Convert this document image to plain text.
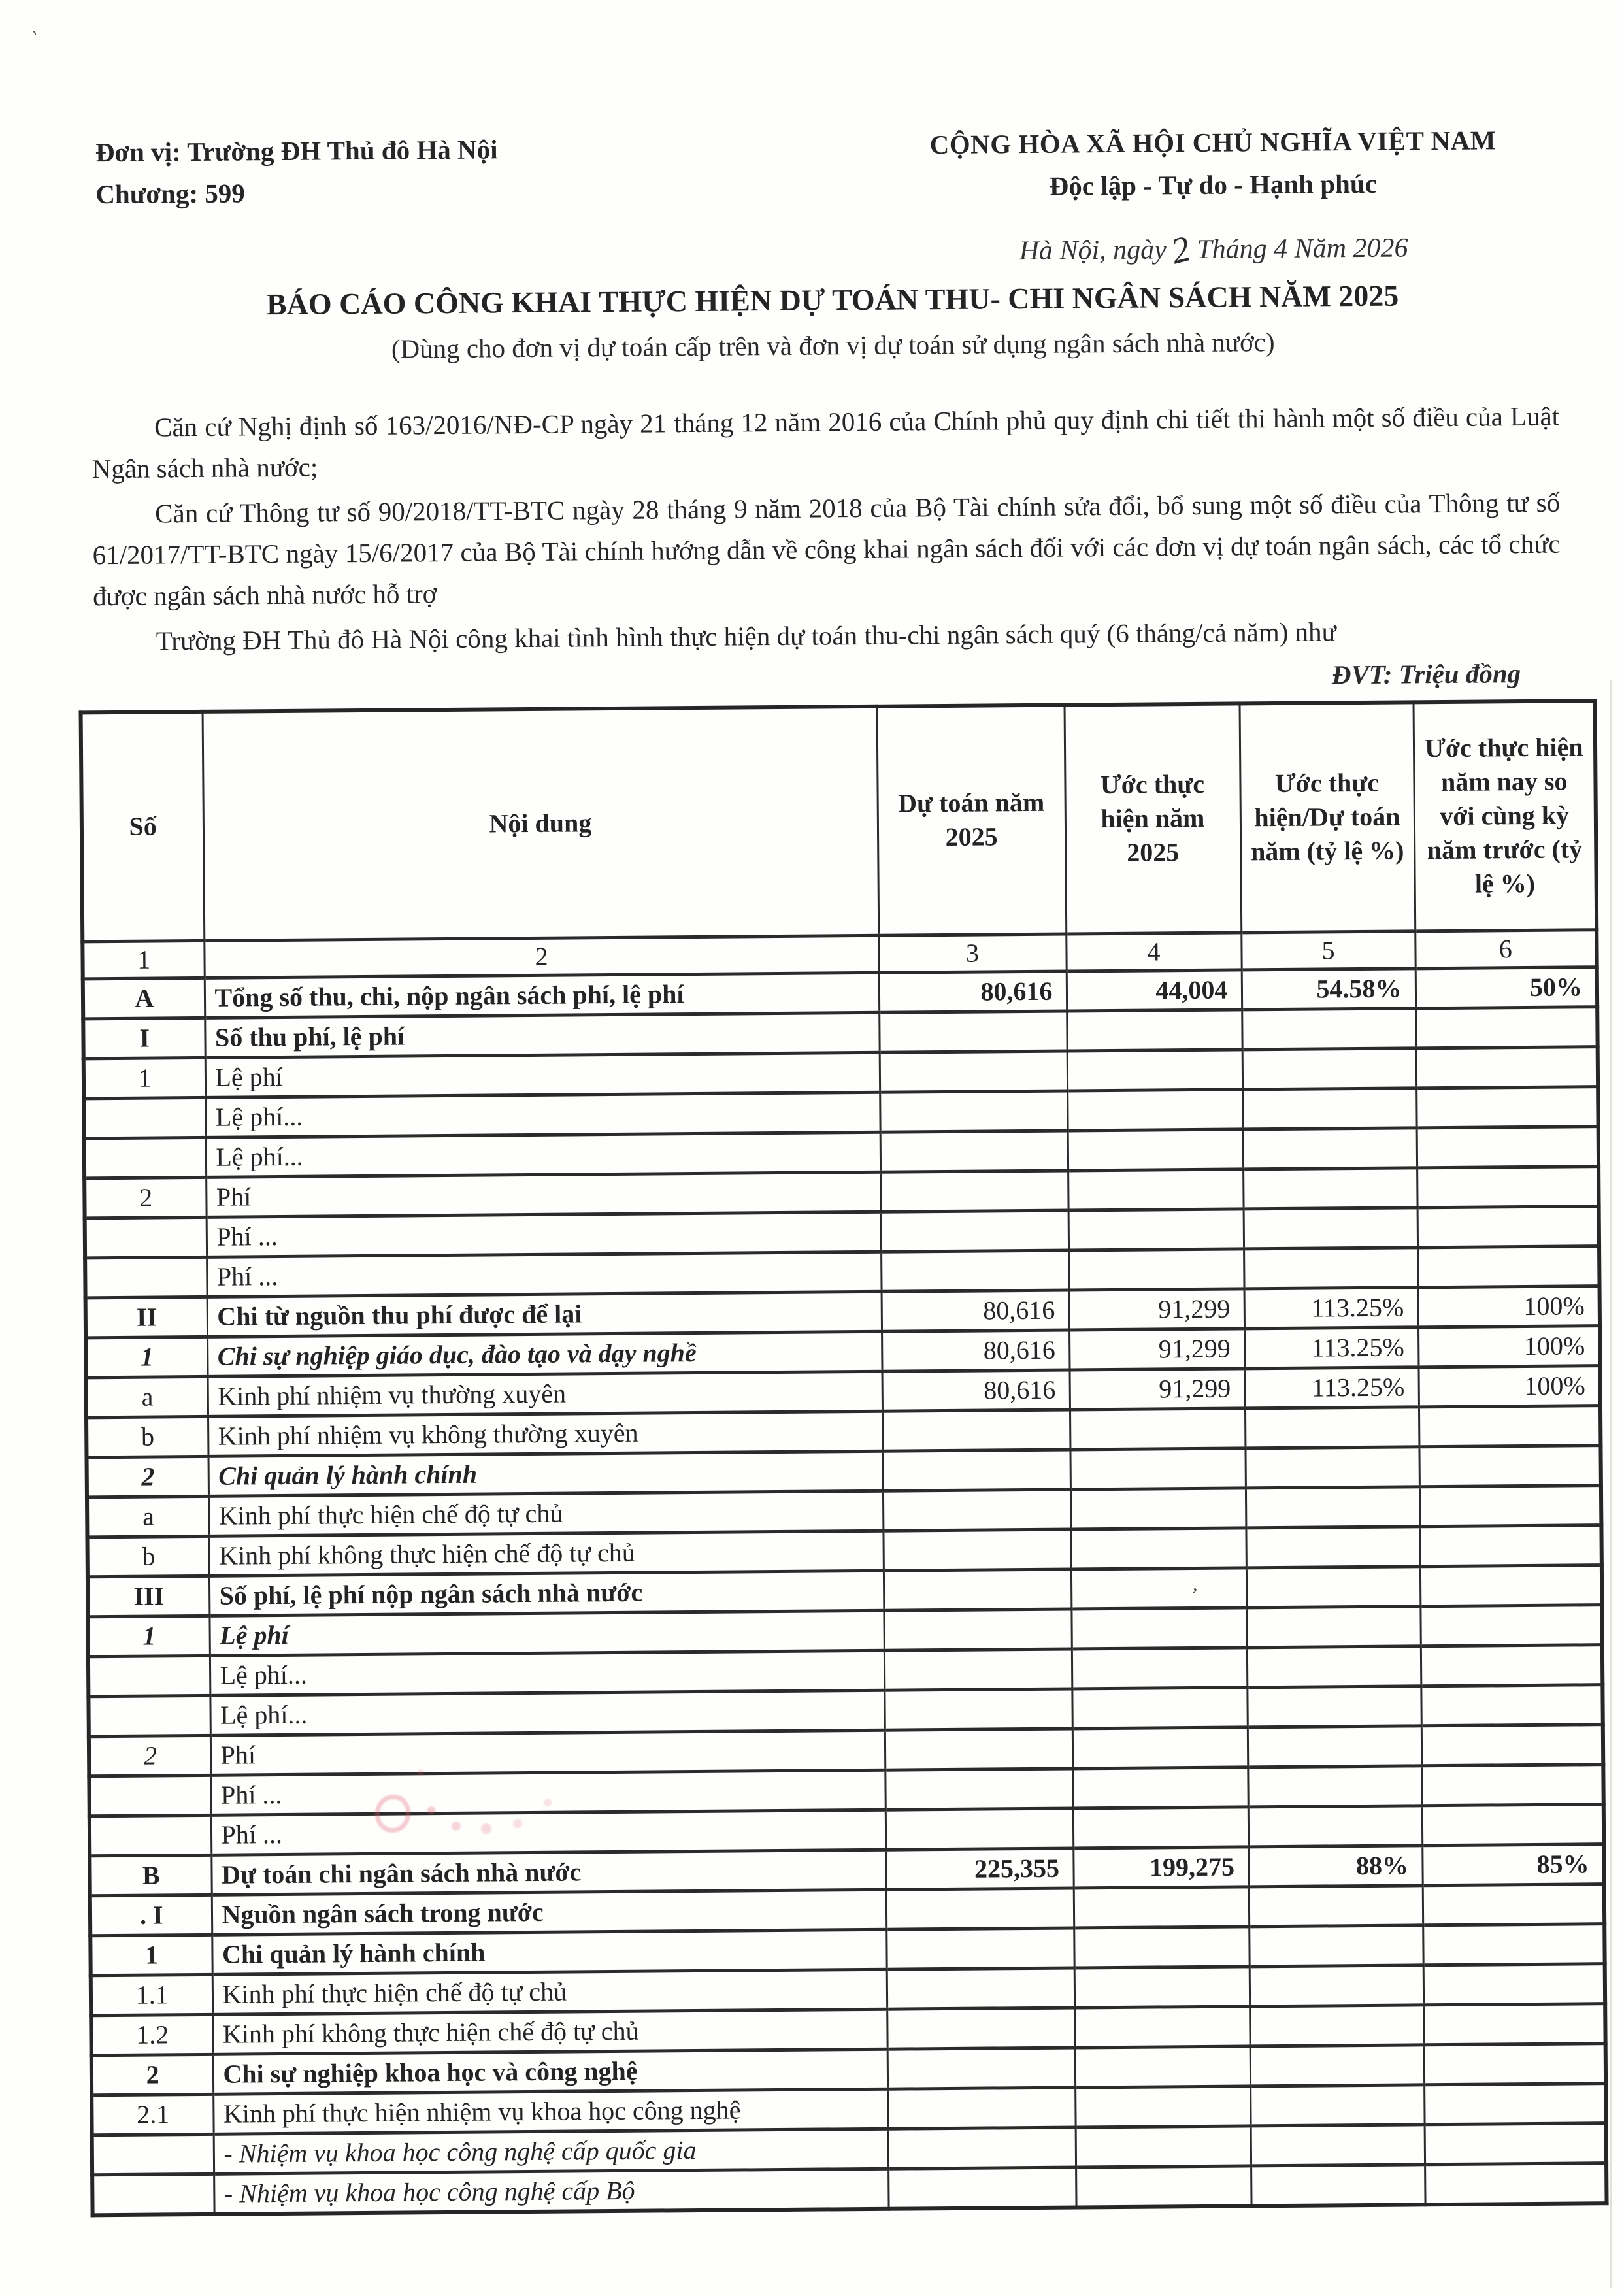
`
Đơn vị: Trường ĐH Thủ đô Hà Nội
Chương: 599
CỘNG HÒA XÃ HỘI CHỦ NGHĨA VIỆT NAM
Độc lập - Tự do - Hạnh phúc
Hà Nội, ngày2 Tháng 4 Năm 2026
BÁO CÁO CÔNG KHAI THỰC HIỆN DỰ TOÁN THU- CHI NGÂN SÁCH NĂM 2025
(Dùng cho đơn vị dự toán cấp trên và đơn vị dự toán sử dụng ngân sách nhà nước)

Căn cứ Nghị định số 163/2016/NĐ-CP ngày 21 tháng 12 năm 2016 của Chính phủ quy định chi tiết thi hành một số điều của Luật Ngân sách nhà nước;

Căn cứ Thông tư số 90/2018/TT-BTC ngày 28 tháng 9 năm 2018 của Bộ Tài chính sửa đổi, bổ sung một số điều của Thông tư số 61/2017/TT-BTC ngày 15/6/2017 của Bộ Tài chính hướng dẫn về công khai ngân sách đối với các đơn vị dự toán ngân sách, các tổ chức được ngân sách nhà nước hỗ trợ

Trường ĐH Thủ đô Hà Nội công khai tình hình thực hiện dự toán thu-chi ngân sách quý (6 tháng/cả năm) như

ĐVT: Triệu đồng
Số	Nội dung	Dự toán năm 2025	Ước thực hiện năm 2025	Ước thực hiện/Dự toán năm (tỷ lệ %)	Ước thực hiện năm nay so với cùng kỳ năm trước (tỷ lệ %)
1	2	3	4	5	6
A	Tổng số thu, chi, nộp ngân sách phí, lệ phí	80,616	44,004	54.58%	50%
I	Số thu phí, lệ phí				
1	Lệ phí				
	Lệ phí...				
	Lệ phí...				
2	Phí				
	Phí ...				
	Phí ...				
II	Chi từ nguồn thu phí được để lại	80,616	91,299	113.25%	100%
1	Chi sự nghiệp giáo dục, đào tạo và dạy nghề	80,616	91,299	113.25%	100%
a	Kinh phí nhiệm vụ thường xuyên	80,616	91,299	113.25%	100%
b	Kinh phí nhiệm vụ không thường xuyên				
2	Chi quản lý hành chính				
a	Kinh phí thực hiện chế độ tự chủ				
b	Kinh phí không thực hiện chế độ tự chủ				
III	Số phí, lệ phí nộp ngân sách nhà nước				
1	Lệ phí				
	Lệ phí...				
	Lệ phí...				
2	Phí				
	Phí ...				
	Phí ...				
B	Dự toán chi ngân sách nhà nước	225,355	199,275	88%	85%
. I	Nguồn ngân sách trong nước				
1	Chi quản lý hành chính				
1.1	Kinh phí thực hiện chế độ tự chủ				
1.2	Kinh phí không thực hiện chế độ tự chủ				
2	Chi sự nghiệp khoa học và công nghệ				
2.1	Kinh phí thực hiện nhiệm vụ khoa học công nghệ				
	- Nhiệm vụ khoa học công nghệ cấp quốc gia				
	- Nhiệm vụ khoa học công nghệ cấp Bộ				
ʼ
